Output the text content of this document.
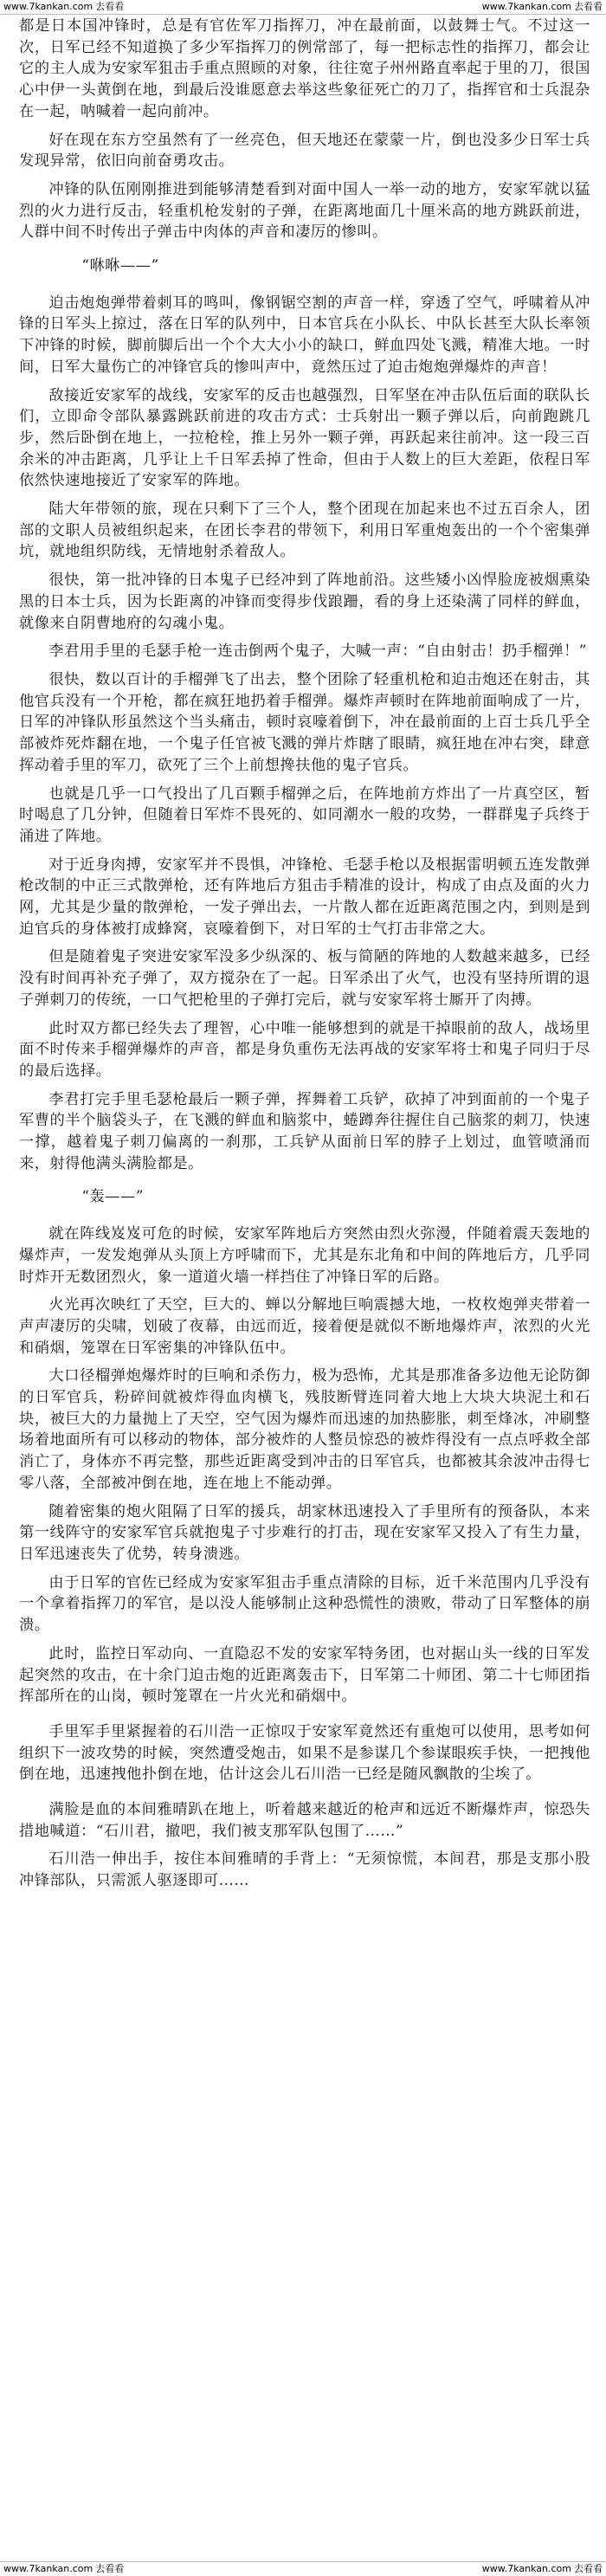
www.7kankan.com 去看看	www.7kankan.com 去看看

都是日本国冲锋时，总是有官佐军刀指挥刀，冲在最前面，以鼓舞士气。不过这一次，日军已经不知道换了多少军指挥刀的例常部了，每一把标志性的指挥刀，都会让它的主人成为安家军狙击手重点照顾的对象，往往宽子州州路直率起于里的刀，很国心中伊一头黄倒在地，到最后没谁愿意去举这些象征死亡的刀了，指挥官和士兵混杂在一起，呐喊着一起向前冲。

好在现在东方空虽然有了一丝亮色，但天地还在蒙蒙一片，倒也没多少日军士兵发现异常，依旧向前奋勇攻击。

冲锋的队伍刚刚推进到能够清楚看到对面中国人一举一动的地方，安家军就以猛烈的火力进行反击，轻重机枪发射的子弹，在距离地面几十厘米高的地方跳跃前进，人群中间不时传出子弹击中肉体的声音和凄厉的惨叫。

“咻咻——”

迫击炮炮弹带着刺耳的鸣叫，像钢锯空割的声音一样，穿透了空气，呼啸着从冲锋的日军头上掠过，落在日军的队列中，日本官兵在小队长、中队长甚至大队长率领下冲锋的时候，脚前脚后出一个个大大小小的缺口，鲜血四处飞溅，精准大地。一时间，日军大量伤亡的冲锋官兵的惨叫声中，竟然压过了迫击炮炮弹爆炸的声音！

敌接近安家军的战线，安家军的反击也越强烈，日军坚在冲击队伍后面的联队长们，立即命令部队暴露跳跃前进的攻击方式：士兵射出一颗子弹以后，向前跑跳几步，然后卧倒在地上，一拉枪栓，推上另外一颗子弹，再跃起来往前冲。这一段三百余米的冲击距离，几乎让上千日军丢掉了性命，但由于人数上的巨大差距，依程日军依然快速地接近了安家军的阵地。

陆大年带领的旅，现在只剩下了三个人，整个团现在加起来也不过五百余人，团部的文职人员被组织起来，在团长李君的带领下，利用日军重炮轰出的一个个密集弹坑，就地组织防线，无情地射杀着敌人。

很快，第一批冲锋的日本鬼子已经冲到了阵地前沿。这些矮小凶悍脸庞被烟熏染黑的日本士兵，因为长距离的冲锋而变得步伐踉跚，看的身上还染满了同样的鲜血，就像来自阴曹地府的勾魂小鬼。

李君用手里的毛瑟手枪一连击倒两个鬼子，大喊一声：“自由射击！扔手榴弹！”

很快，数以百计的手榴弹飞了出去，整个团除了轻重机枪和迫击炮还在射击，其他官兵没有一个开枪，都在疯狂地扔着手榴弹。爆炸声顿时在阵地前面响成了一片，日军的冲锋队形虽然这个当头痛击，顿时哀嚎着倒下，冲在最前面的上百士兵几乎全部被炸死炸翻在地，一个鬼子任官被飞溅的弹片炸瞎了眼睛，疯狂地在冲右突，肆意挥动着手里的军刀，砍死了三个上前想搀扶他的鬼子官兵。

也就是几乎一口气投出了几百颗手榴弹之后，在阵地前方炸出了一片真空区，暂时喝息了几分钟，但随着日军炸不畏死的、如同潮水一般的攻势，一群群鬼子兵终于涌进了阵地。

对于近身肉搏，安家军并不畏惧，冲锋枪、毛瑟手枪以及根据雷明顿五连发散弹枪改制的中正三式散弹枪，还有阵地后方狙击手精准的设计，构成了由点及面的火力网，尤其是少量的散弹枪，一发子弹出去，一片散人都在近距离范围之内，到则是到迫官兵的身体被打成蜂窝，哀嚎着倒下，对日军的士气打击非常之大。

但是随着鬼子突进安家军没多少纵深的、板与简陋的阵地的人数越来越多，已经没有时间再补充子弹了，双方搅杂在了一起。日军杀出了火气，也没有坚持所谓的退子弹刺刀的传统，一口气把枪里的子弹打完后，就与安家军将士厮开了肉搏。

此时双方都已经失去了理智，心中唯一能够想到的就是干掉眼前的敌人，战场里面不时传来手榴弹爆炸的声音，都是身负重伤无法再战的安家军将士和鬼子同归于尽的最后选择。

李君打完手里毛瑟枪最后一颗子弹，挥舞着工兵铲，砍掉了冲到面前的一个鬼子军曹的半个脑袋头子，在飞溅的鲜血和脑浆中，蜷蹲奔往握住自己脑浆的刺刀，快速一撑，越着鬼子刺刀偏离的一刹那，工兵铲从面前日军的脖子上划过，血管喷涌而来，射得他满头满脸都是。

“轰——”

就在阵线岌岌可危的时候，安家军阵地后方突然由烈火弥漫，伴随着震天轰地的爆炸声，一发发炮弹从头顶上方呼啸而下，尤其是东北角和中间的阵地后方，几乎同时炸开无数团烈火，象一道道火墙一样挡住了冲锋日军的后路。

火光再次映红了天空，巨大的、蝉以分解地巨响震撼大地，一枚枚炮弹夹带着一声声凄厉的尖啸，划破了夜幕，由远而近，接着便是就似不断地爆炸声，浓烈的火光和硝烟，笼罩在日军密集的冲锋队伍中。

大口径榴弹炮爆炸时的巨响和杀伤力，极为恐怖，尤其是那准备多边他无论防御的日军官兵，粉碎间就被炸得血肉横飞，残肢断臂连同着大地上大块大块泥土和石块，被巨大的力量抛上了天空，空气因为爆炸而迅速的加热膨胀，刺至烽冰，冲刷整场着地面所有可以移动的物体，部分被炸的人整员惊恐的被炸得没有一点点呼救全部消亡了，身体亦不再完整，那些近距离受到冲击的日军官兵，也都被其余波冲击得七零八落，全部被冲倒在地，连在地上不能动弹。

随着密集的炮火阻隔了日军的援兵，胡家林迅速投入了手里所有的预备队，本来第一线阵守的安家军官兵就抱鬼子寸步难行的打击，现在安家军又投入了有生力量，日军迅速丧失了优势，转身溃逃。

由于日军的官佐已经成为安家军狙击手重点清除的目标，近千米范围内几乎没有一个拿着指挥刀的军官，是以没人能够制止这种恐慌性的溃败，带动了日军整体的崩溃。

此时，监控日军动向、一直隐忍不发的安家军特务团，也对据山头一线的日军发起突然的攻击，在十余门迫击炮的近距离轰击下，日军第二十师团、第二十七师团指挥部所在的山岗，顿时笼罩在一片火光和硝烟中。

手里军手里紧握着的石川浩一正惊叹于安家军竟然还有重炮可以使用，思考如何组织下一波攻势的时候，突然遭受炮击，如果不是参谋几个参谋眼疾手快，一把拽他倒在地，迅速拽他扑倒在地，估计这会儿石川浩一已经是随风飘散的尘埃了。

满脸是血的本间雅晴趴在地上，听着越来越近的枪声和远近不断爆炸声，惊恐失措地喊道：“石川君，撤吧，我们被支那军队包围了……”

石川浩一伸出手，按住本间雅晴的手背上：“无须惊慌，本间君，那是支那小股冲锋部队，只需派人驱逐即可……

www.7kankan.com 去看看	www.7kankan.com 去看看
